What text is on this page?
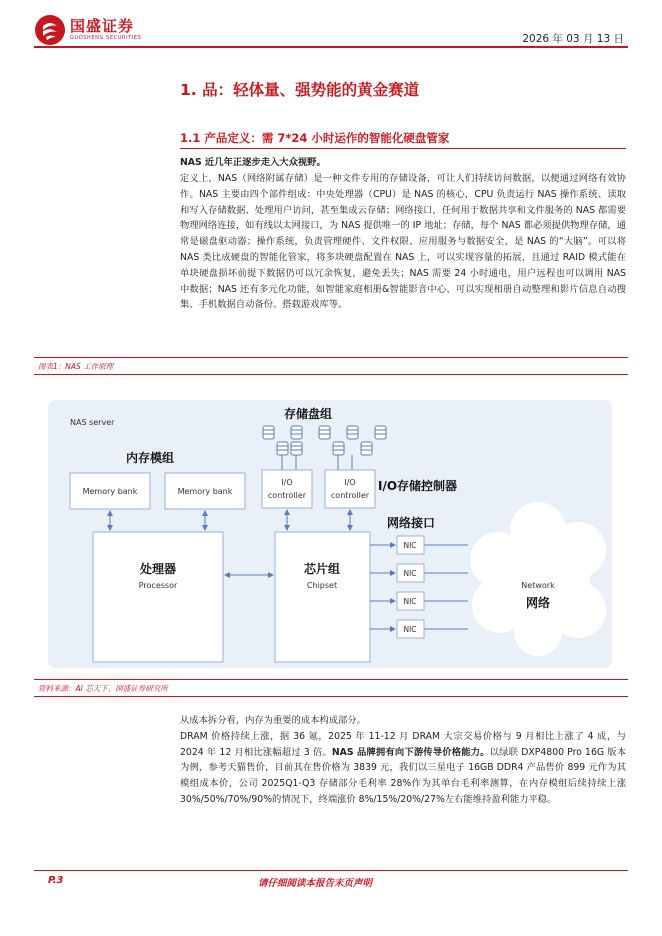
国盛证券
GUOSHENG SECURITIES	2026 年 03 月 13 日
1. 品：轻体量、强势能的黄金赛道
1.1 产品定义：需 7*24 小时运作的智能化硬盘管家
NAS 近几年正逐步走入大众视野。
定义上，NAS（网络附属存储）是一种文件专用的存储设备，可让人们持续访问数据，以便通过网络有效协作。NAS 主要由四个部件组成：中央处理器（CPU）是 NAS 的核心，CPU 负责运行 NAS 操作系统、读取和写入存储数据、处理用户访问，甚至集成云存储；网络接口，任何用于数据共享和文件服务的 NAS 都需要物理网络连接，如有线以太网接口，为 NAS 提供唯一的 IP 地址；存储，每个 NAS 都必须提供物理存储，通常是磁盘驱动器；操作系统，负责管理硬件、文件权限、应用服务与数据安全，是 NAS 的“大脑”。可以将 NAS 类比成硬盘的智能化管家，将多块硬盘配置在 NAS 上，可以实现容量的拓展，且通过 RAID 模式能在单块硬盘损坏前提下数据仍可以冗余恢复，避免丢失；NAS 需要 24 小时通电，用户远程也可以调用 NAS 中数据；NAS 还有多元化功能，如智能家庭相册&智能影音中心、可以实现相册自动整理和影片信息自动搜集、手机数据自动备份、搭载游戏库等。
图表1：NAS 工作原理
NAS server
存储盘组
内存模组
Memory bank	Memory bank
I/O
controller
I/O
controller
I/O存储控制器
网络接口
处理器
Processor
芯片组
Chipset
NIC
NIC
NIC
NIC
Network
网络
资料来源：AI 芯天下、国盛证券研究所
从成本拆分看，内存为重要的成本构成部分。
DRAM 价格持续上涨，据 36 氪，2025 年 11-12 月 DRAM 大宗交易价格与 9 月相比上涨了 4 成，与 2024 年 12 月相比涨幅超过 3 倍。NAS 品牌拥有向下游传导价格能力。以绿联 DXP4800 Pro 16G 版本为例，参考天猫售价，目前其在售价格为 3839 元，我们以三星电子 16GB DDR4 产品售价 899 元作为其模组成本价，公司 2025Q1-Q3 存储部分毛利率 28%作为其单台毛利率测算，在内存模组后续持续上涨 30%/50%/70%/90%的情况下，终端涨价 8%/15%/20%/27%左右能维持盈利能力平稳。
P.3	请仔细阅读本报告末页声明
